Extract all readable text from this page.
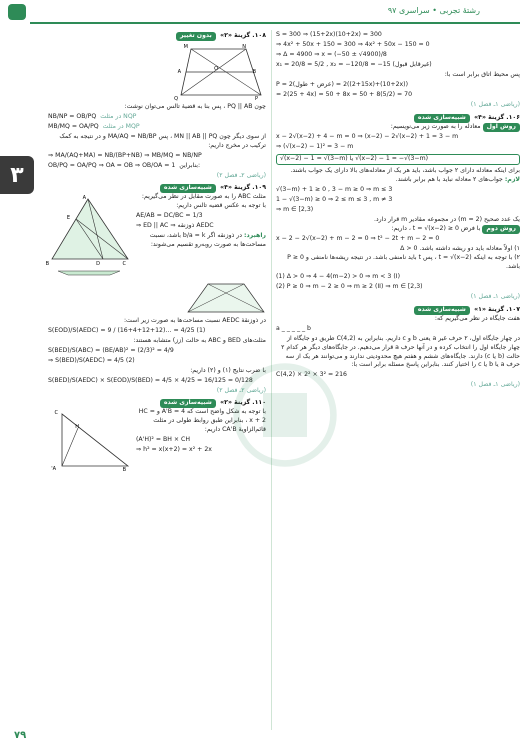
رشتهٔ تجربی • سراسری ۹۷
۳
۱۰۸. گزینهٔ «۲»  بدون تغییر
M	N
Q	P
A	B
O
چون PQ || AB ، پس بنا به قضیهٔ تالس می‌توان نوشت:
NB/NP = OB/PQ در مثلث NQP
MB/MQ = OA/PQ در مثلث MQP
از سوی دیگر چون MN || AB || PQ ، پس MA/AQ = NB/BP و در نتیجه به کمک ترکیب در مخرج داریم:
⇒ MA/(AQ+MA) = NB/(BP+NB) ⇒ MB/MQ = NB/NP
OB/PQ = OA/PQ ⇒ OA = OB ⇒ OB/OA = 1 بنابراین:
(ریاضی ۲ـ فصل ۲)
۱۰۹. گزینهٔ «۴»  شبیه‌سازی شده
A
B	C
D
E
مثلث ABC را به صورت مقابل در نظر می‌گیریم:
با توجه به عکس قضیه تالس داریم:
AE/AB = DC/BC = 1/3
⇒ ED || AC ⇒ ذوزنقه AEDC
راهبرد: در ذوزنقه اگر b/a = k باشد، نسبت مساحت‌ها به صورت روبه‌رو تقسیم می‌شوند:
در ذوزنقهٔ AEDC نسبت مساحت‌ها به صورت زیر است:
S(EOD)/S(AEDC) = 9 / (16+4+12+12)… = 4/25 (1)
مثلث‌های BED و ABC به حالت (زز) متشابه هستند:
S(BED)/S(ABC) = (BE/AB)² = (2/3)² = 4/9
⇒ S(BED)/S(AEDC) = 4/5 (2)
با ضرب نتایج (۱) و (۲) داریم:
S(BED)/S(AEDC) × S(EOD)/S(BED) = 4/5 × 4/25 = 16/125 = 0/128
(ریاضی ۲ـ فصل ۲)
۱۱۰. گزینهٔ «۲»  شبیه‌سازی شده
C
A'	B
H
با توجه به شکل واضح است که A'B = 4 و HC = x + 2 ، بنابراین طبق روابط طولی در مثلث قائم‌الزاویهٔ CA'B داریم:
(A'H)² = BH × CH
⇒ h² = x(x+2) = x² + 2x
S = 300 ⇒ (15+2x)(10+2x) = 300
⇒ 4x² + 50x + 150 = 300 ⇒ 4x² + 50x − 150 = 0
⇒ Δ = 4900 ⇒ x = (−50 ± √4900)/8
x₁ = 20/8 = 5/2 , x₂ = −120/8 = −15 (غیرقابل قبول)
پس محیط اتاق برابر است با:
P = 2(عرض + طول) = 2((15+2x)+(10+2x))
= 2(25 + 4x) = 50 + 8x = 50 + 8(5/2) = 70
(ریاضی ۱ـ فصل ۱)
۱۰۶. گزینهٔ «۴»  شبیه‌سازی شده
روش اول معادله را به صورت زیر می‌نویسیم:
x − 2√(x−2) + 4 − m = 0 ⇒ (x−2) − 2√(x−2) + 1 = 3 − m
⇒ (√(x−2) − 1)² = 3 − m
√(x−2) − 1 = √(3−m) یا √(x−2) − 1 = −√(3−m)
برای اینکه معادله دارای ۲ جواب باشد، باید هر یک از معادله‌های بالا دارای یک جواب باشند.
لازم: جواب‌های ۲ معادله نباید با هم برابر باشند.
√(3−m) + 1 ≥ 0 , 3 − m ≥ 0 ⇒ m ≤ 3
1 − √(3−m) ≥ 0 ⇒ 2 ≤ m ≤ 3 , m ≠ 3
⇒ m ∈ [2,3)
یک عدد صحیح (m = 2) در مجموعه مقادیر m قرار دارد.
روش دوم با فرض t = √(x−2) ≥ 0 ، داریم:
x − 2 − 2√(x−2) + m − 2 = 0 ⇒ t² − 2t + m − 2 = 0
۱) اولاً معادله باید دو ریشه داشته باشد. Δ > 0
۲) با توجه به اینکه t = √(x−2) ، پس t باید نامنفی باشد. در نتیجه ریشه‌ها نامنفی و P ≥ 0 باشد.
(1) Δ > 0 ⇒ 4 − 4(m−2) > 0 ⇒ m < 3 (I)
(2) P ≥ 0 ⇒ m − 2 ≥ 0 ⇒ m ≥ 2 (II) ⇒ m ∈ [2,3)
(ریاضی ۱ـ فصل ۱)
۱۰۷. گزینهٔ «۱»  شبیه‌سازی شده
هفت جایگاه در نظر می‌گیریم که:
a _ _ _ _ _ b
در چهار جایگاه اول، ۲ حرف غیر a یعنی b و c داریم. بنابراین به C(4,2) طریق دو جایگاه از چهار جایگاه اول را انتخاب کرده و در آنها حرف a قرار می‌دهیم. در جایگاه‌های دیگر هر کدام ۲ حالت (b یا c) دارند. جایگاه‌های ششم و هفتم هیچ محدودیتی ندارند و می‌توانند هر یک از سه حرف a یا b یا c را اختیار کنند. بنابراین پاسخ مسئله برابر است با:
C(4,2) × 2² × 3² = 216
(ریاضی ۱ـ فصل ۱)
۷۹
